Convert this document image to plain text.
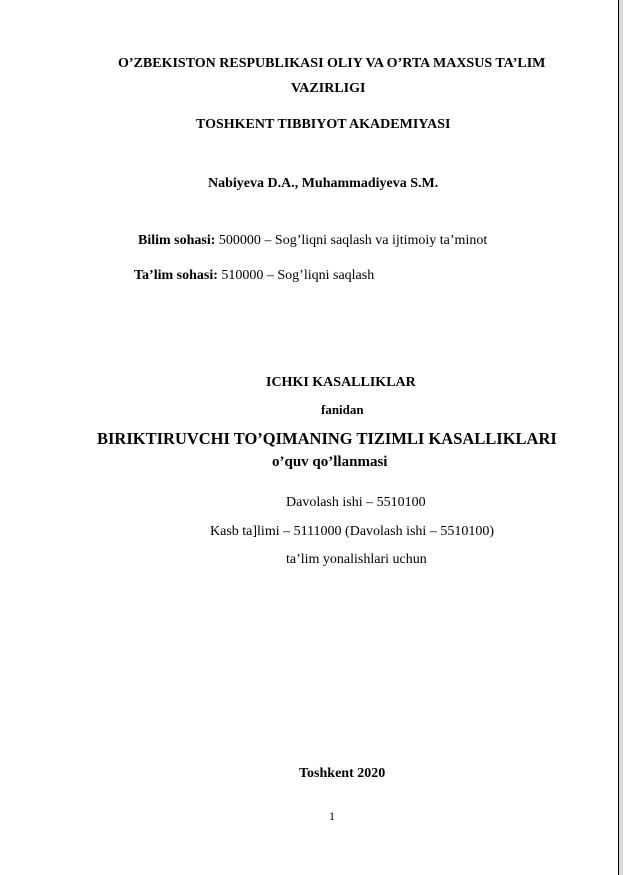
O’ZBEKISTON RESPUBLIKASI OLIY VA O’RTA MAXSUS TA’LIM
VAZIRLIGI
TOSHKENT TIBBIYOT AKADEMIYASI
Nabiyeva D.A., Muhammadiyeva S.M.
Bilim sohasi: 500000 – Sog’liqni saqlash va ijtimoiy ta’minot
Ta’lim sohasi: 510000 – Sog’liqni saqlash
ICHKI KASALLIKLAR
fanidan
BIRIKTIRUVCHI TO’QIMANING TIZIMLI KASALLIKLARI
o’quv qo’llanmasi
Davolash ishi – 5510100
Kasb ta]limi – 5111000 (Davolash ishi – 5510100)
ta’lim yonalishlari uchun
Toshkent 2020
1
